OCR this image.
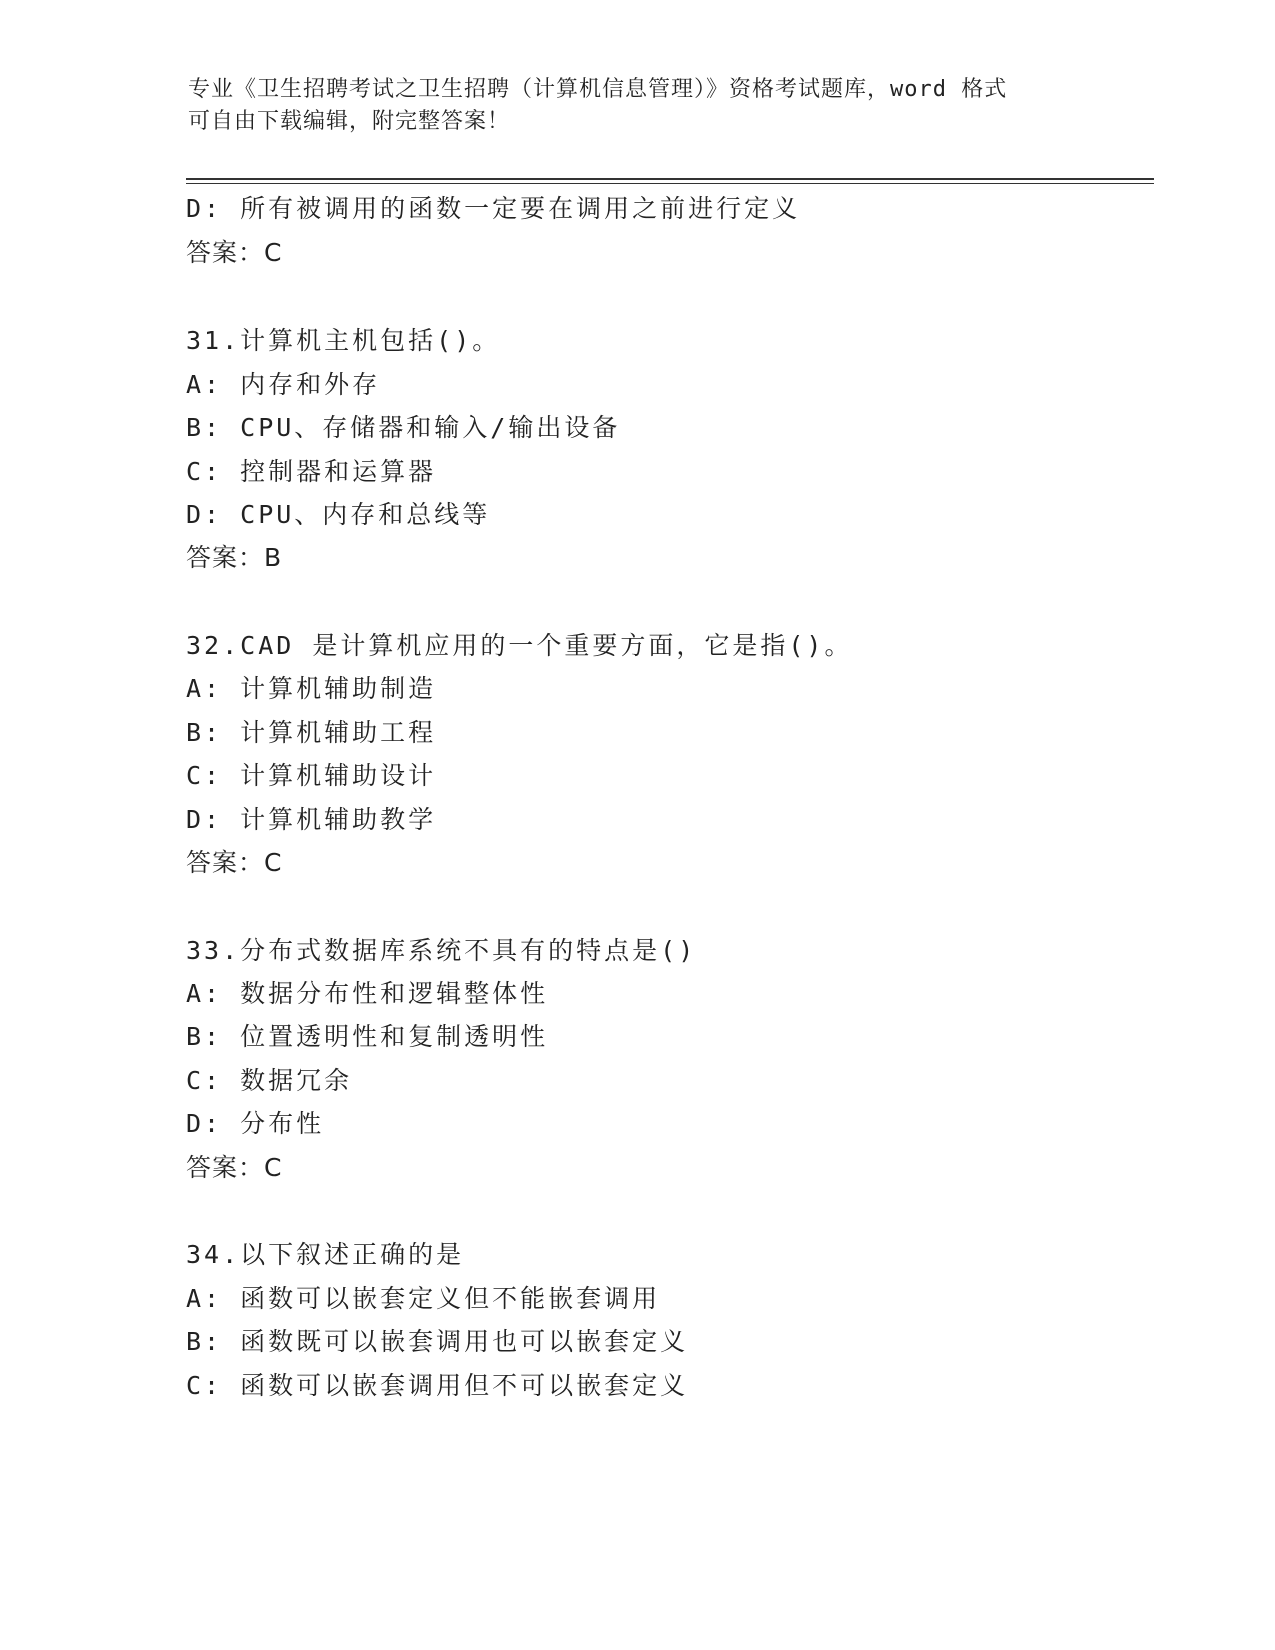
专业《卫生招聘考试之卫生招聘（计算机信息管理）》资格考试题库，word 格式
可自由下载编辑，附完整答案！
D: 所有被调用的函数一定要在调用之前进行定义
答案：C
31.计算机主机包括()。
A: 内存和外存
B: CPU、存储器和输入/输出设备
C: 控制器和运算器
D: CPU、内存和总线等
答案：B
32.CAD 是计算机应用的一个重要方面，它是指()。
A: 计算机辅助制造
B: 计算机辅助工程
C: 计算机辅助设计
D: 计算机辅助教学
答案：C
33.分布式数据库系统不具有的特点是()
A: 数据分布性和逻辑整体性
B: 位置透明性和复制透明性
C: 数据冗余
D: 分布性
答案：C
34.以下叙述正确的是
A: 函数可以嵌套定义但不能嵌套调用
B: 函数既可以嵌套调用也可以嵌套定义
C: 函数可以嵌套调用但不可以嵌套定义
